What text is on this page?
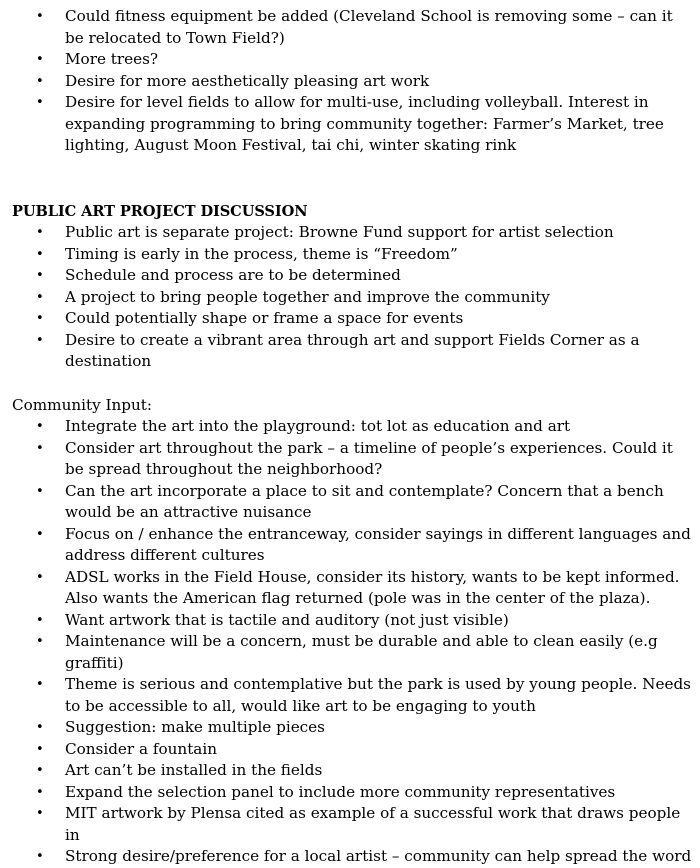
• Could fitness equipment be added (Cleveland School is removing some – can it be relocated to Town Field?)
• More trees?
• Desire for more aesthetically pleasing art work
• Desire for level fields to allow for multi-use, including volleyball. Interest in expanding programming to bring community together: Farmer’s Market, tree lighting, August Moon Festival, tai chi, winter skating rink
PUBLIC ART PROJECT DISCUSSION
• Public art is separate project: Browne Fund support for artist selection
• Timing is early in the process, theme is “Freedom”
• Schedule and process are to be determined
• A project to bring people together and improve the community
• Could potentially shape or frame a space for events
• Desire to create a vibrant area through art and support Fields Corner as a destination
Community Input:
• Integrate the art into the playground: tot lot as education and art
• Consider art throughout the park – a timeline of people’s experiences. Could it be spread throughout the neighborhood?
• Can the art incorporate a place to sit and contemplate? Concern that a bench would be an attractive nuisance
• Focus on / enhance the entranceway, consider sayings in different languages and address different cultures
• ADSL works in the Field House, consider its history, wants to be kept informed. Also wants the American flag returned (pole was in the center of the plaza).
• Want artwork that is tactile and auditory (not just visible)
• Maintenance will be a concern, must be durable and able to clean easily (e.g graffiti)
• Theme is serious and contemplative but the park is used by young people. Needs to be accessible to all, would like art to be engaging to youth
• Suggestion: make multiple pieces
• Consider a fountain
• Art can’t be installed in the fields
• Expand the selection panel to include more community representatives
• MIT artwork by Plensa cited as example of a successful work that draws people in
• Strong desire/preference for a local artist – community can help spread the word
